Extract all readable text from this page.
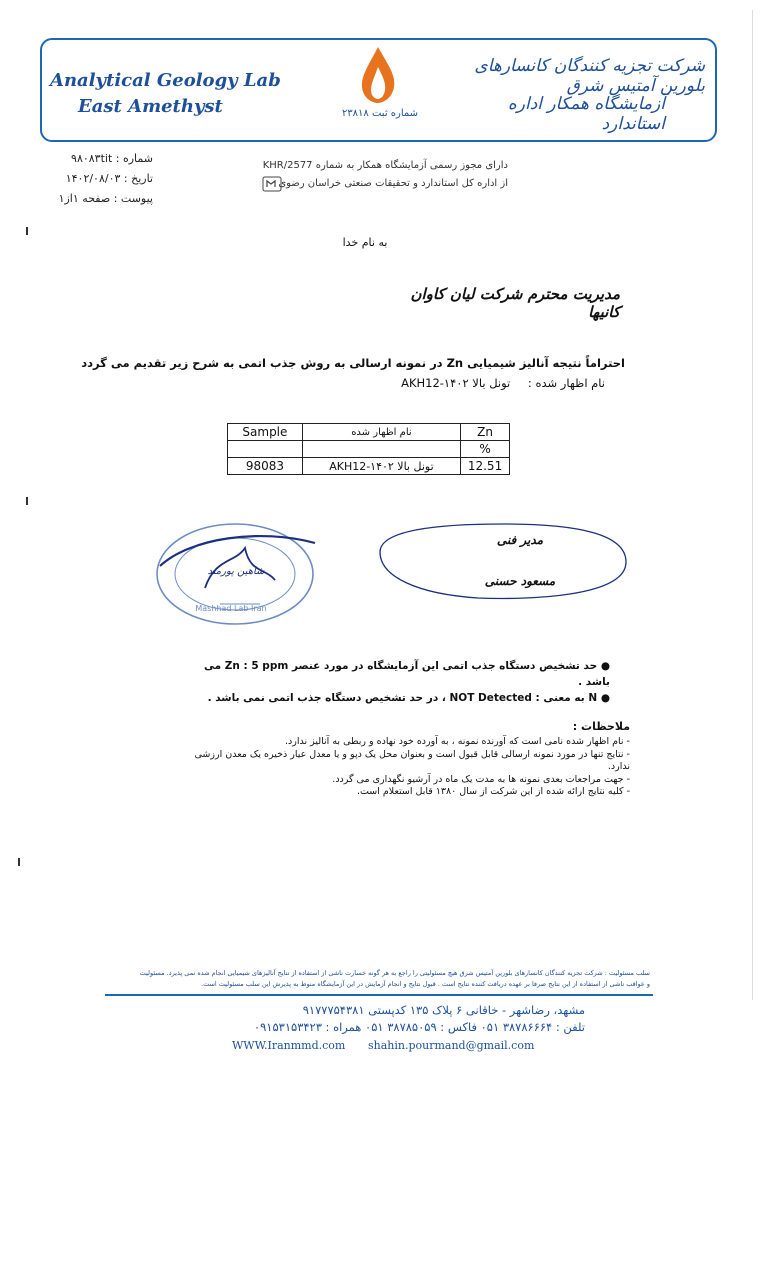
Analytical Geology Lab
East Amethyst	شماره ثبت ۲۳۸۱۸
شرکت تجزیه کنندگان کانسارهای بلورین آمتیس شرق
آزمایشگاه همکار اداره استاندارد
شماره : ۹۸۰۸۳tit
تاریخ : ۱۴۰۲/۰۸/۰۳
پیوست : صفحه ۱از۱
دارای مجوز رسمی آزمایشگاه همکار به شماره KHR/2577
از اداره کل استاندارد و تحقیقات صنعتی خراسان رضوی
به نام خدا
مدیریت محترم شرکت لیان کاوان کانیها
احتراماً نتیجه آنالیز شیمیایی Zn در نمونه ارسالی به روش جذب اتمی به شرح زیر تقدیم می گردد
نام اظهار شده : تونل بالا AKH12-۱۴۰۲
Sample	نام اظهار شده	Zn
		%
98083	تونل بالا AKH12-۱۴۰۲	12.51
Mashhad Lab Iran
شاهین پورمند
مدیر فنی
مسعود حسنی
● حد تشخیص دستگاه جذب اتمی این آزمایشگاه در مورد عنصر Zn : 5 ppm می باشد .
● N به معنی : NOT Detected ، در حد تشخیص دستگاه جذب اتمی نمی باشد .
ملاحظات :
- نام اظهار شده نامی است که آورنده نمونه ، به آورده خود نهاده و ربطی به آنالیز ندارد.
- نتایج تنها در مورد نمونه ارسالی قابل قبول است و بعنوان محل یک دپو و یا معدل عیار ذخیره یک معدن ارزشی ندارد.
- جهت مراجعات بعدی نمونه ها به مدت یک ماه در آرشیو نگهداری می گردد.
- کلیه نتایج ارائه شده از این شرکت از سال ۱۳۸۰ قابل استعلام است.
سلب مسئولیت : شرکت تجزیه کنندگان کانسارهای بلورین آمتیس شرق هیچ مسئولیتی را راجع به هر گونه خسارت ناشی از استفاده از نتایج آنالیزهای شیمیایی انجام شده نمی پذیرد. مسئولیت
و عواقب ناشی از استفاده از این نتایج صرفا بر عهده دریافت کننده نتایج است . قبول نتایج و انجام آزمایش در این آزمایشگاه منوط به پذیرش این سلب مسئولیت است.
مشهد، رضاشهر - خاقانی ۶ پلاک ۱۳۵ کدپستی ۹۱۷۷۷۵۴۳۸۱
تلفن : ۳۸۷۸۶۶۶۴ ۰۵۱ فاکس : ۳۸۷۸۵۰۵۹ ۰۵۱ همراه : ۰۹۱۵۳۱۵۳۴۲۳
WWW.Iranmmd.com shahin.pourmand@gmail.com
